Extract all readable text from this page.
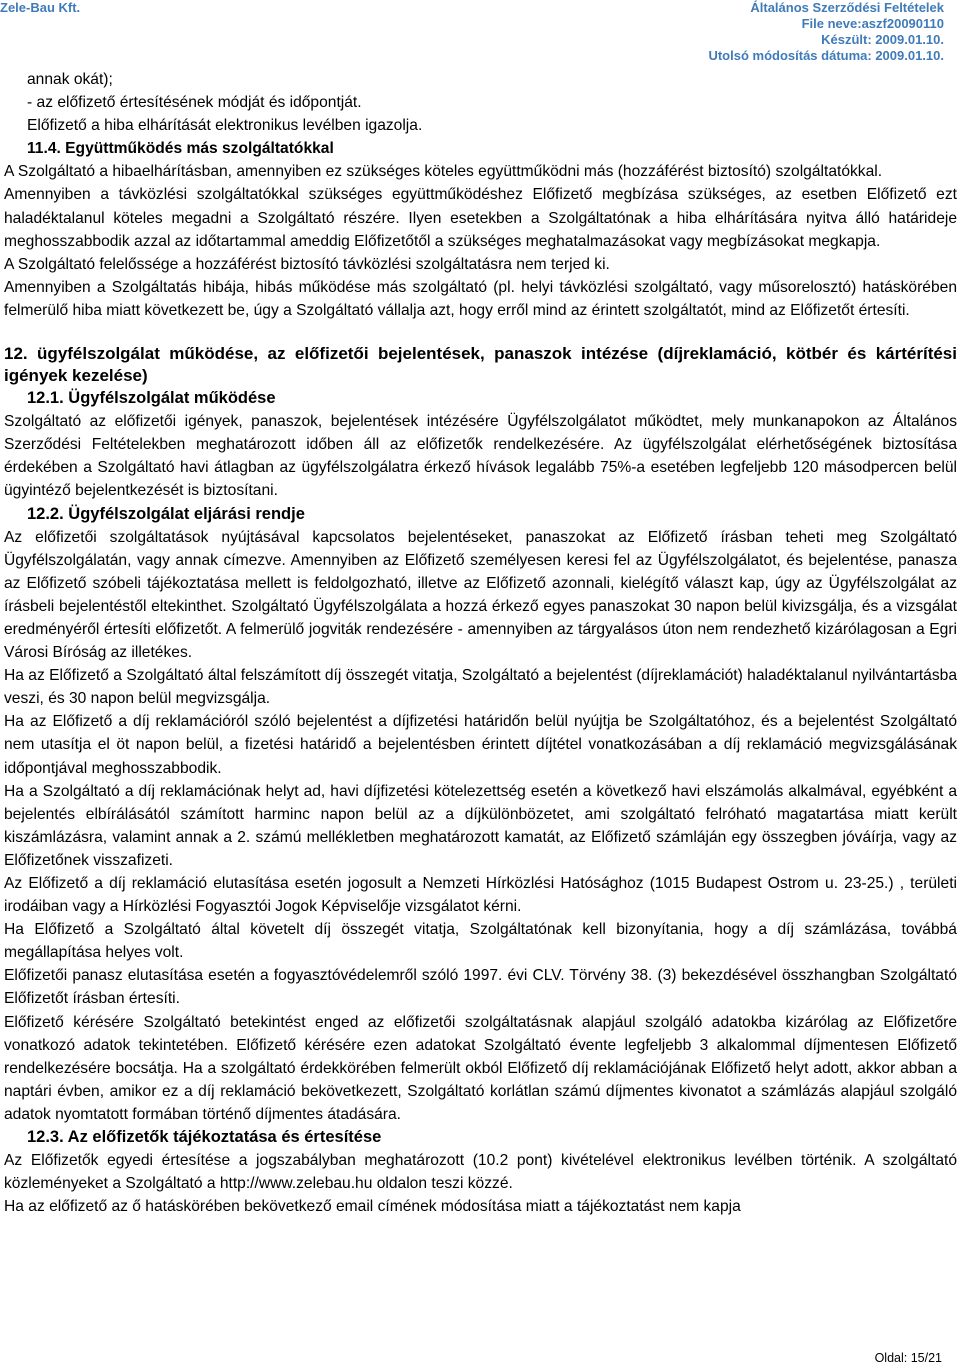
Zele-Bau Kft.	Általános Szerződési Feltételek
File neve:aszf20090110
Készült: 2009.01.10.
Utolsó módosítás dátuma: 2009.01.10.

annak okát);

- az előfizető értesítésének módját és időpontját.

Előfizető a hiba elhárítását elektronikus levélben igazolja.

11.4. Együttműködés más szolgáltatókkal

A Szolgáltató a hibaelhárításban, amennyiben ez szükséges köteles együttműködni más (hozzáférést biztosító) szolgáltatókkal.

Amennyiben a távközlési szolgáltatókkal szükséges együttműködéshez Előfizető megbízása szükséges, az esetben Előfizető ezt haladéktalanul köteles megadni a Szolgáltató részére. Ilyen esetekben a Szolgáltatónak a hiba elhárítására nyitva álló határideje meghosszabbodik azzal az időtartammal ameddig Előfizetőtől a szükséges meghatalmazásokat vagy megbízásokat megkapja.

A Szolgáltató felelőssége a hozzáférést biztosító távközlési szolgáltatásra nem terjed ki.

Amennyiben a Szolgáltatás hibája, hibás működése más szolgáltató (pl. helyi távközlési szolgáltató, vagy műsorelosztó) hatáskörében felmerülő hiba miatt következett be, úgy a Szolgáltató vállalja azt, hogy erről mind az érintett szolgáltatót, mind az Előfizetőt értesíti.

12. ügyfélszolgálat működése, az előfizetői bejelentések, panaszok intézése (díjreklamáció, kötbér és kártérítési igények kezelése)

12.1. Ügyfélszolgálat működése

Szolgáltató az előfizetői igények, panaszok, bejelentések intézésére Ügyfélszolgálatot működtet, mely munkanapokon az Általános Szerződési Feltételekben meghatározott időben áll az előfizetők rendelkezésére. Az ügyfélszolgálat elérhetőségének biztosítása érdekében a Szolgáltató havi átlagban az ügyfélszolgálatra érkező hívások legalább 75%-a esetében legfeljebb 120 másodpercen belül ügyintéző bejelentkezését is biztosítani.

12.2. Ügyfélszolgálat eljárási rendje

Az előfizetői szolgáltatások nyújtásával kapcsolatos bejelentéseket, panaszokat az Előfizető írásban teheti meg Szolgáltató Ügyfélszolgálatán, vagy annak címezve. Amennyiben az Előfizető személyesen keresi fel az Ügyfélszolgálatot, és bejelentése, panasza az Előfizető szóbeli tájékoztatása mellett is feldolgozható, illetve az Előfizető azonnali, kielégítő választ kap, úgy az Ügyfélszolgálat az írásbeli bejelentéstől eltekinthet. Szolgáltató Ügyfélszolgálata a hozzá érkező egyes panaszokat 30 napon belül kivizsgálja, és a vizsgálat eredményéről értesíti előfizetőt. A felmerülő jogviták rendezésére - amennyiben az tárgyalásos úton nem rendezhető kizárólagosan a Egri Városi Bíróság az illetékes.

Ha az Előfizető a Szolgáltató által felszámított díj összegét vitatja, Szolgáltató a bejelentést (díjreklamációt) haladéktalanul nyilvántartásba veszi, és 30 napon belül megvizsgálja.

Ha az Előfizető a díj reklamációról szóló bejelentést a díjfizetési határidőn belül nyújtja be Szolgáltatóhoz, és a bejelentést Szolgáltató nem utasítja el öt napon belül, a fizetési határidő a bejelentésben érintett díjtétel vonatkozásában a díj reklamáció megvizsgálásának időpontjával meghosszabbodik.

Ha a Szolgáltató a díj reklamációnak helyt ad, havi díjfizetési kötelezettség esetén a következő havi elszámolás alkalmával, egyébként a bejelentés elbírálásától számított harminc napon belül az a díjkülönbözetet, ami szolgáltató felróható magatartása miatt került kiszámlázásra, valamint annak a 2. számú mellékletben meghatározott kamatát, az Előfizető számláján egy összegben jóváírja, vagy az Előfizetőnek visszafizeti.

Az Előfizető a díj reklamáció elutasítása esetén jogosult a Nemzeti Hírközlési Hatósághoz (1015 Budapest Ostrom u. 23-25.) , területi irodáiban vagy a Hírközlési Fogyasztói Jogok Képviselője vizsgálatot kérni.

Ha Előfizető a Szolgáltató által követelt díj összegét vitatja, Szolgáltatónak kell bizonyítania, hogy a díj számlázása, továbbá megállapítása helyes volt.

Előfizetői panasz elutasítása esetén a fogyasztóvédelemről szóló 1997. évi CLV. Törvény 38. (3) bekezdésével összhangban Szolgáltató Előfizetőt írásban értesíti.

Előfizető kérésére Szolgáltató betekintést enged az előfizetői szolgáltatásnak alapjául szolgáló adatokba kizárólag az Előfizetőre vonatkozó adatok tekintetében. Előfizető kérésére ezen adatokat Szolgáltató évente legfeljebb 3 alkalommal díjmentesen Előfizető rendelkezésére bocsátja. Ha a szolgáltató érdekkörében felmerült okból Előfizető díj reklamációjának Előfizető helyt adott, akkor abban a naptári évben, amikor ez a díj reklamáció bekövetkezett, Szolgáltató korlátlan számú díjmentes kivonatot a számlázás alapjául szolgáló adatok nyomtatott formában történő díjmentes átadására.

12.3. Az előfizetők tájékoztatása és értesítése

Az Előfizetők egyedi értesítése a jogszabályban meghatározott (10.2 pont) kivételével elektronikus levélben történik. A szolgáltató közleményeket a Szolgáltató a http://www.zelebau.hu oldalon teszi közzé.

Ha az előfizető az ő hatáskörében bekövetkező email címének módosítása miatt a tájékoztatást nem kapja

Oldal: 15/21
